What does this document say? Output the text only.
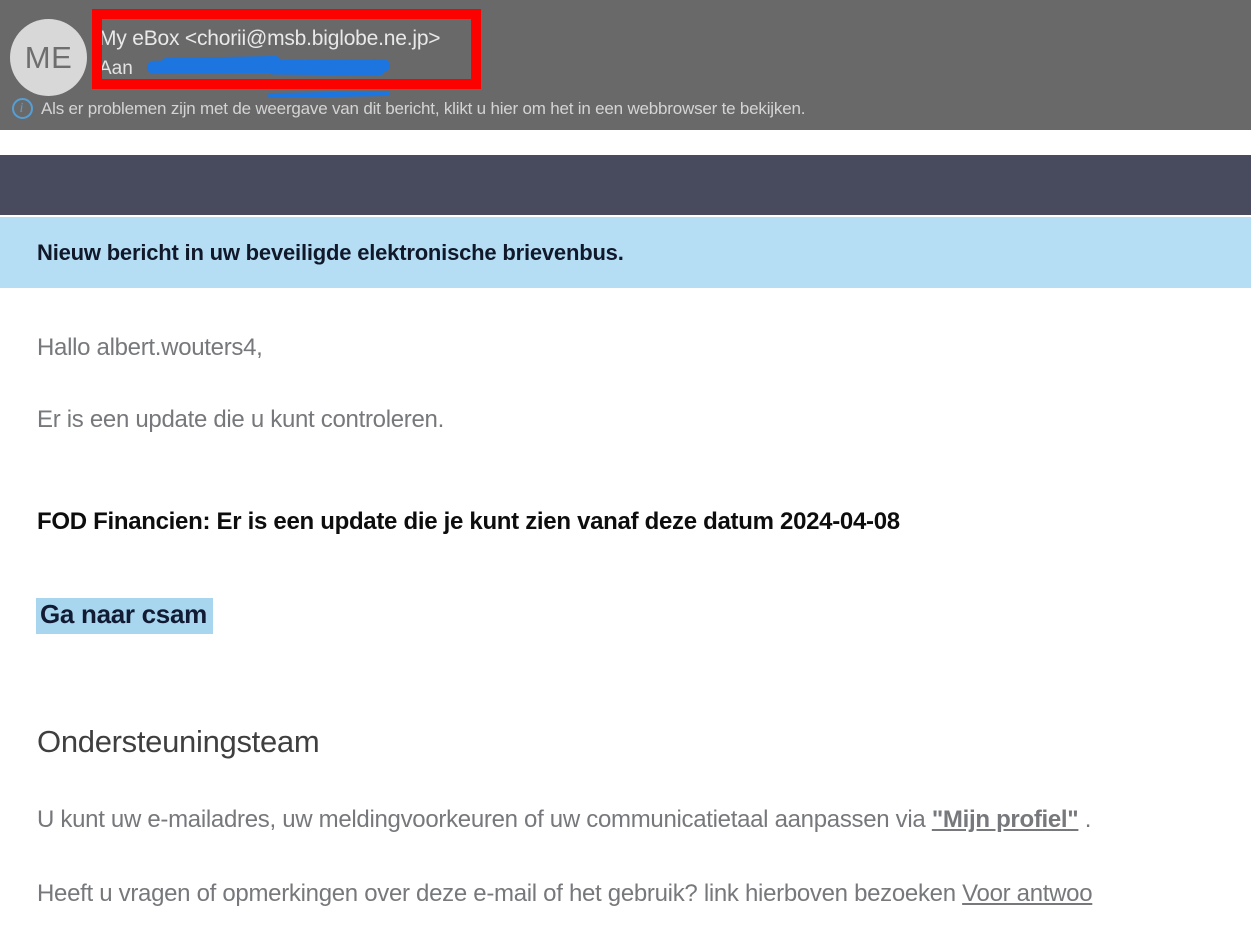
ME
My eBox <chorii@msb.biglobe.ne.jp>
Aan
i	Als er problemen zijn met de weergave van dit bericht, klikt u hier om het in een webbrowser te bekijken.
Nieuw bericht in uw beveiligde elektronische brievenbus.
Hallo albert.wouters4,
Er is een update die u kunt controleren.
FOD Financien: Er is een update die je kunt zien vanaf deze datum 2024-04-08
Ga naar csam
Ondersteuningsteam
U kunt uw e-mailadres, uw meldingvoorkeuren of uw communicatietaal aanpassen via "Mijn profiel" .
Heeft u vragen of opmerkingen over deze e-mail of het gebruik? link hierboven bezoeken Voor antwoo
